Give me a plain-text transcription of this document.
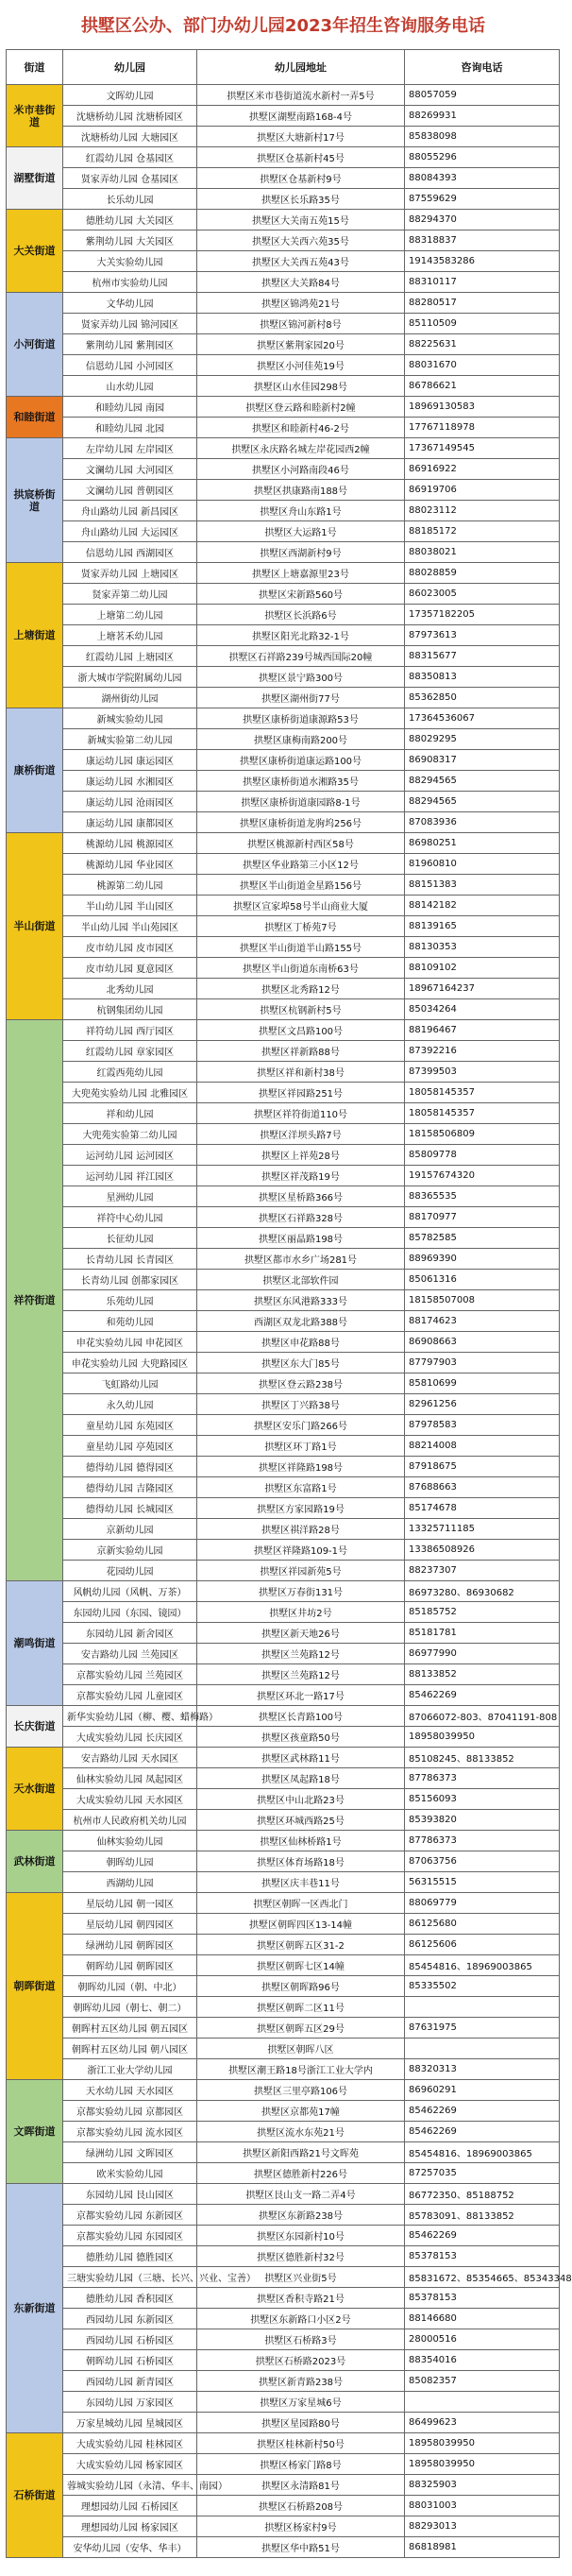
拱墅区公办、部门办幼儿园2023年招生咨询服务电话
街道	幼儿园	幼儿园地址	咨询电话
米市巷街道	文晖幼儿园	拱墅区米市巷街道流水新村一弄5号	88057059
	沈塘桥幼儿园 沈塘桥园区	拱墅区湖墅南路168-4号	88269931
	沈塘桥幼儿园 大塘园区	拱墅区大塘新村17号	85838098
湖墅街道	红霞幼儿园 仓基园区	拱墅区仓基新村45号	88055296
	贤家弄幼儿园 仓基园区	拱墅区仓基新村9号	88084393
	长乐幼儿园	拱墅区长乐路35号	87559629
大关街道	德胜幼儿园 大关园区	拱墅区大关南五苑15号	88294370
	紫荆幼儿园 大关园区	拱墅区大关西六苑35号	88318837
	大关实验幼儿园	拱墅区大关西五苑43号	19143583286
	杭州市实验幼儿园	拱墅区大关路84号	88310117
小河街道	文华幼儿园	拱墅区锦鸿苑21号	88280517
	贤家弄幼儿园 锦河园区	拱墅区锦河新村8号	85110509
	紫荆幼儿园 紫荆园区	拱墅区紫荆家园20号	88225631
	信恩幼儿园 小河园区	拱墅区小河佳苑19号	88031670
	山水幼儿园	拱墅区山水佳园298号	86786621
和睦街道	和睦幼儿园 南园	拱墅区登云路和睦新村2幢	18969130583
	和睦幼儿园 北园	拱墅区和睦新村46-2号	17767118978
拱宸桥街道	左岸幼儿园 左岸园区	拱墅区永庆路名城左岸花园西2幢	17367149545
	文澜幼儿园 大河园区	拱墅区小河路南段46号	86916922
	文澜幼儿园 普朝园区	拱墅区拱康路南188号	86919706
	舟山路幼儿园 新昌园区	拱墅区舟山东路1号	88023112
	舟山路幼儿园 大运园区	拱墅区大运路1号	88185172
	信恩幼儿园 西湖园区	拱墅区西湖新村9号	88038021
上塘街道	贤家弄幼儿园 上塘园区	拱墅区上塘嘉源里23号	88028859
	贤家弄第二幼儿园	拱墅区宋新路560号	86023005
	上塘第二幼儿园	拱墅区长浜路6号	17357182205
	上塘茗禾幼儿园	拱墅区阳光北路32-1号	87973613
	红霞幼儿园 上塘园区	拱墅区石祥路239号城西国际20幢	88315677
	浙大城市学院附属幼儿园	拱墅区景宁路300号	88350813
	湖州街幼儿园	拱墅区湖州街77号	85362850
康桥街道	新城实验幼儿园	拱墅区康桥街道康源路53号	17364536067
	新城实验第二幼儿园	拱墅区康梅南路200号	88029295
	康运幼儿园 康运园区	拱墅区康桥街道康运路100号	86908317
	康运幼儿园 水湘园区	拱墅区康桥街道水湘路35号	88294565
	康运幼儿园 沧雨园区	拱墅区康桥街道康园路8-1号	88294565
	康运幼儿园 康都园区	拱墅区康桥街道龙驹坞256号	87083936
半山街道	桃源幼儿园 桃源园区	拱墅区桃源新村西区58号	86980251
	桃源幼儿园 华业园区	拱墅区华业路第三小区12号	81960810
	桃源第二幼儿园	拱墅区半山街道金星路156号	88151383
	半山幼儿园 半山园区	拱墅区宣家埠58号半山商业大厦	88142182
	半山幼儿园 半山苑园区	拱墅区丁桥苑7号	88139165
	皮市幼儿园 皮市园区	拱墅区半山街道半山路155号	88130353
	皮市幼儿园 夏意园区	拱墅区半山街道东南桥63号	88109102
	北秀幼儿园	拱墅区北秀路12号	18967164237
	杭钢集团幼儿园	拱墅区杭钢新村5号	85034264
祥符街道	祥符幼儿园 西厅园区	拱墅区文昌路100号	88196467
	红霞幼儿园 章家园区	拱墅区祥新路88号	87392216
	红霞西苑幼儿园	拱墅区祥和新村38号	87399503
	大兜苑实验幼儿园 北雅园区	拱墅区祥园路251号	18058145357
	祥和幼儿园	拱墅区祥符街道110号	18058145357
	大兜苑实验第二幼儿园	拱墅区洋坝头路7号	18158506809
	运河幼儿园 运河园区	拱墅区上祥苑28号	85809778
	运河幼儿园 祥江园区	拱墅区祥茂路19号	19157674320
	星洲幼儿园	拱墅区星桥路366号	88365535
	祥符中心幼儿园	拱墅区石祥路328号	88170977
	长征幼儿园	拱墅区丽晶路198号	85782585
	长青幼儿园 长青园区	拱墅区都市水乡广场281号	88969390
	长青幼儿园 创都家园区	拱墅区北部软件园	85061316
	乐苑幼儿园	拱墅区东风港路333号	18158507008
	和苑幼儿园	西湖区双龙北路388号	88174623
	申花实验幼儿园 申花园区	拱墅区申花路88号	86908663
	申花实验幼儿园 大兜路园区	拱墅区东大门85号	87797903
	飞虹路幼儿园	拱墅区登云路238号	85810699
	永久幼儿园	拱墅区丁兴路38号	82961256
	童星幼儿园 东苑园区	拱墅区安乐门路266号	87978583
	童星幼儿园 亭苑园区	拱墅区环丁路1号	88214008
	德得幼儿园 德得园区	拱墅区祥隆路198号	87918675
	德得幼儿园 吉隆园区	拱墅区东富路1号	87688663
	德得幼儿园 长城园区	拱墅区方家园路19号	85174678
	京新幼儿园	拱墅区祺洋路28号	13325711185
	京新实验幼儿园	拱墅区祥隆路109-1号	13386508926
	花园幼儿园	拱墅区祥园新苑5号	88237307
潮鸣街道	风帆幼儿园（风帆、万茶）	拱墅区万春街131号	86973280、86930682
	东园幼儿园（东园、镜园）	拱墅区井坊2号	85185752
	东园幼儿园 新舍园区	拱墅区新天地26号	85181781
	安吉路幼儿园 兰苑园区	拱墅区兰苑路12号	86977990
	京都实验幼儿园 兰苑园区	拱墅区兰苑路12号	88133852
	京都实验幼儿园 儿童园区	拱墅区环北一路17号	85462269
长庆街道	新华实验幼儿园（柳、樱、蜡梅路）	拱墅区长青路100号	87066072-803、87041191-808
	大成实验幼儿园 长庆园区	拱墅区孩童路50号	18958039950
天水街道	安吉路幼儿园 天水园区	拱墅区武林路11号	85108245、88133852
	仙林实验幼儿园 凤起园区	拱墅区凤起路18号	87786373
	大成实验幼儿园 天水园区	拱墅区中山北路23号	85156093
	杭州市人民政府机关幼儿园	拱墅区环城西路25号	85393820
武林街道	仙林实验幼儿园	拱墅区仙林桥路1号	87786373
	朝晖幼儿园	拱墅区体育场路18号	87063756
	西湖幼儿园	拱墅区庆丰巷11号	56315515
朝晖街道	星辰幼儿园 朝一园区	拱墅区朝晖一区西北门	88069779
	星辰幼儿园 朝四园区	拱墅区朝晖四区13-14幢	86125680
	绿洲幼儿园 朝晖园区	拱墅区朝晖五区31-2	86125606
	朝晖幼儿园 朝晖园区	拱墅区朝晖七区14幢	85454816、18969003865
	朝晖幼儿园（朝、中北）	拱墅区朝晖路96号	85335502
	朝晖幼儿园（朝七、朝二）	拱墅区朝晖二区11号	
	朝晖村五区幼儿园 朝五园区	拱墅区朝晖五区29号	87631975
	朝晖村五区幼儿园 朝八园区	拱墅区朝晖八区	
	浙江工业大学幼儿园	拱墅区潮王路18号浙江工业大学内	88320313
文晖街道	天水幼儿园 天水园区	拱墅区三里亭路106号	86960291
	京都实验幼儿园 京都园区	拱墅区京都苑17幢	85462269
	京都实验幼儿园 流水园区	拱墅区流水东苑21号	85462269
	绿洲幼儿园 文晖园区	拱墅区新阳西路21号文晖苑	85454816、18969003865
	欧米实验幼儿园	拱墅区德胜新村226号	87257035
东新街道	东园幼儿园 艮山园区	拱墅区艮山支一路二弄4号	86772350、85188752
	京都实验幼儿园 东新园区	拱墅区东新路238号	85783091、88133852
	京都实验幼儿园 东园园区	拱墅区东园新村10号	85462269
	德胜幼儿园 德胜园区	拱墅区德胜新村32号	85378153
	三塘实验幼儿园（三塘、长兴、兴业、宝善）	拱墅区兴业街5号	85831672、85354665、85343348
	德胜幼儿园 香积园区	拱墅区香积寺路21号	85378153
	西园幼儿园 东新园区	拱墅区东新路口小区2号	88146680
	西园幼儿园 石桥园区	拱墅区石桥路3号	28000516
	朝晖幼儿园 石桥园区	拱墅区石桥路2023号	88354016
	西园幼儿园 新青园区	拱墅区新青路238号	85082357
	东园幼儿园 万家园区	拱墅区万家星城6号	
	万家星城幼儿园 星城园区	拱墅区星园路80号	86499623
石桥街道	大成实验幼儿园 桂林园区	拱墅区桂林新村50号	18958039950
	大成实验幼儿园 杨家园区	拱墅区杨家门路8号	18958039950
	蓉城实验幼儿园（永清、华丰、南园）	拱墅区永清路81号	88325903
	理想园幼儿园 石桥园区	拱墅区石桥路208号	88031003
	理想园幼儿园 杨家园区	拱墅区杨家村9号	88293013
	安华幼儿园（安华、华丰）	拱墅区华中路51号	86818981
